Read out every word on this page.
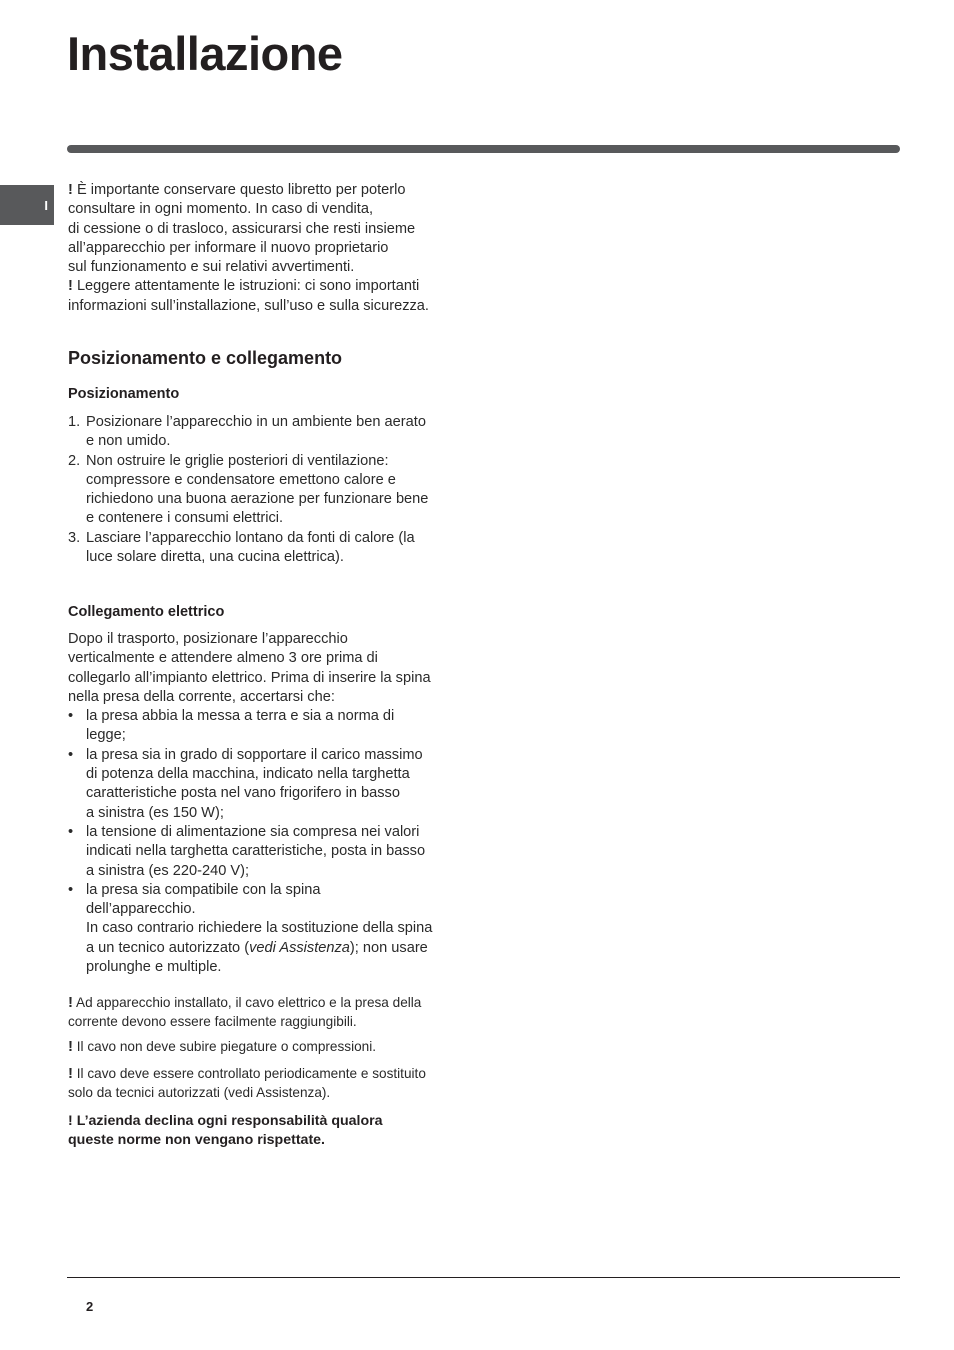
Installazione
I

! È importante conservare questo libretto per poterlo
consultare in ogni momento. In caso di vendita,
di cessione o di trasloco, assicurarsi che resti insieme
all’apparecchio per informare il nuovo proprietario
sul funzionamento e sui relativi avvertimenti.

! Leggere attentamente le istruzioni: ci sono importanti
informazioni sull’installazione, sull’uso e sulla sicurezza.

Posizionamento e collegamento
Posizionamento
1. Posizionare l’apparecchio in un ambiente ben aerato
e non umido.
2. Non ostruire le griglie posteriori di ventilazione:
compressore e condensatore emettono calore e
richiedono una buona aerazione per funzionare bene
e contenere i consumi elettrici.
3. Lasciare l’apparecchio lontano da fonti di calore (la
luce solare diretta, una cucina elettrica).
Collegamento elettrico

Dopo il trasporto, posizionare l’apparecchio
verticalmente e attendere almeno 3 ore prima di
collegarlo all’impianto elettrico. Prima di inserire la spina
nella presa della corrente, accertarsi che:

• la presa abbia la messa a terra e sia a norma di
legge;
• la presa sia in grado di sopportare il carico massimo
di potenza della macchina, indicato nella targhetta
caratteristiche posta nel vano frigorifero in basso
a sinistra (es 150 W);
• la tensione di alimentazione sia compresa nei valori
indicati nella targhetta caratteristiche, posta in basso
a sinistra (es 220-240 V);
• la presa sia compatibile con la spina
dell’apparecchio.
In caso contrario richiedere la sostituzione della spina
a un tecnico autorizzato (vedi Assistenza); non usare
prolunghe e multiple.

! Ad apparecchio installato, il cavo elettrico e la presa della
corrente devono essere facilmente raggiungibili.

! Il cavo non deve subire piegature o compressioni.

! Il cavo deve essere controllato periodicamente e sostituito
solo da tecnici autorizzati (vedi Assistenza).

! L’azienda declina ogni responsabilità qualora
queste norme non vengano rispettate.

2
